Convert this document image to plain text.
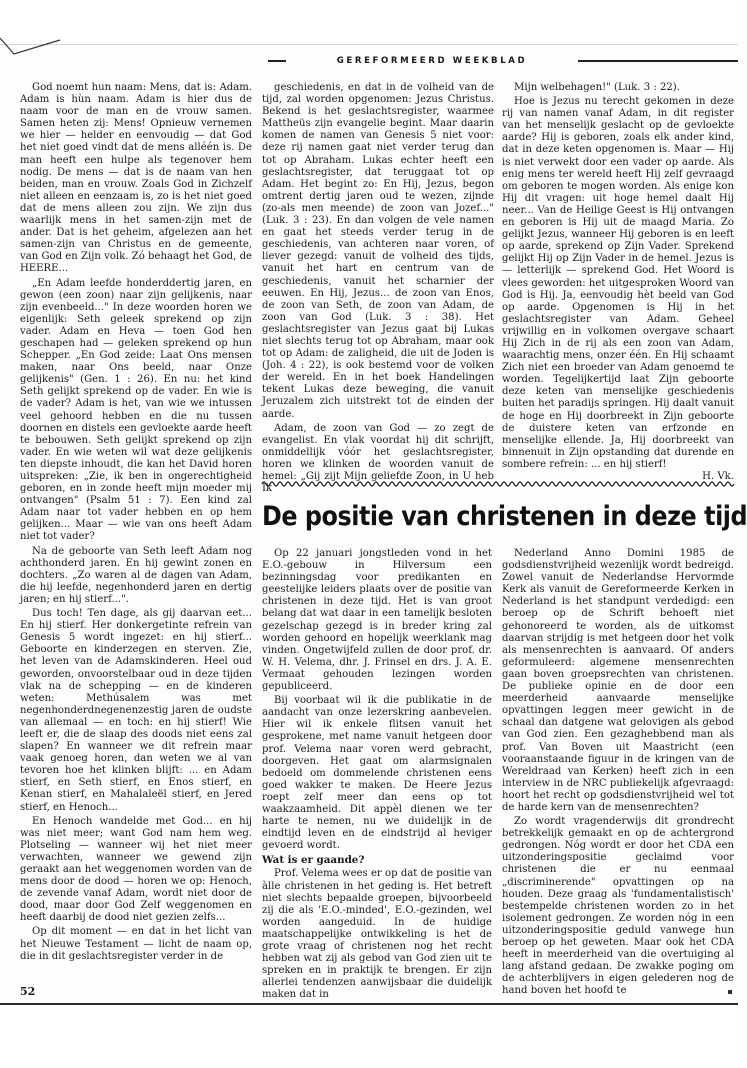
GEREFORMEERD WEEKBLAD

God noemt hun naam: Mens, dat is: Adam. Adam is hùn naam. Adam is hier dus de naam voor de man en de vrouw samen. Samen heten zij: Mens! Opnieuw vernemen we hier — helder en eenvoudig — dat God het niet goed vindt dat de mens alléén is. De man heeft een hulpe als tegenover hem nodig. De mens — dat is de naam van hen beiden, man en vrouw. Zoals God in Zichzelf niet alleen en eenzaam is, zo is het niet goed dat de mens alleen zou zijn. We zijn dus waarlijk mens in het samen-zijn met de ander. Dat is het geheim, afgelezen aan het samen-zijn van Christus en de gemeente, van God en Zijn volk. Zó behaagt het God, de HEERE...

„En Adam leefde honderddertig jaren, en gewon (een zoon) naar zijn gelijkenis, naar zijn evenbeeld..." In deze woorden horen we eigenlijk: Seth geleek sprekend op zijn vader. Adam en Heva — toen God hen geschapen had — geleken sprekend op hun Schepper. „En God zeide: Laat Ons mensen maken, naar Ons beeld, naar Onze gelijkenis" (Gen. 1 : 26). En nu: het kind Seth gelijkt sprekend op de vader. En wie is de vader? Adam is het, van wie we intussen veel gehoord hebben en die nu tussen doornen en distels een gevloekte aarde heeft te bebouwen. Seth gelijkt sprekend op zijn vader. En wie weten wil wat deze gelijkenis ten diepste inhoudt, die kan het David horen uitspreken: „Zie, ik ben in ongerechtigheid geboren, en in zonde heeft mijn moeder mij ontvangen" (Psalm 51 : 7). Een kind zal Adam naar tot vader hebben en op hem gelijken... Maar — wie van ons heeft Adam niet tot vader?

Na de geboorte van Seth leeft Adam nog achthonderd jaren. En hij gewint zonen en dochters. „Zo waren al de dagen van Adam, die hij leefde, negenhonderd jaren en dertig jaren; en hij stierf...".

Dus toch! Ten dage, als gij daarvan eet... En hij stierf. Her donkergetinte refrein van Genesis 5 wordt ingezet: en hij stierf... Geboorte en kinderzegen en sterven. Zie, het leven van de Adamskinderen. Heel oud geworden, onvoorstelbaar oud in deze tijden vlak na de schepping — en de kinderen weten: Methúsalem was met negenhonderdnegenenzestig jaren de oudste van allemaal — en toch: en hij stierf! Wie leeft er, die de slaap des doods niet eens zal slapen? En wanneer we dit refrein maar vaak genoeg horen, dan weten we al van tevoren hoe het klinken blijft: ... en Adam stierf, en Seth stierf, en Enos stierf, en Kenan stierf, en Mahalaleël stierf, en Jered stierf, en Henoch...

En Henoch wandelde met God... en hij was niet meer; want God nam hem weg. Plotseling — wanneer wij het niet meer verwachten, wanneer we gewend zijn geraakt aan het weggenomen worden van de mens door de dood — horen we op: Henoch, de zevende vanaf Adam, wordt niet door de dood, maar door God Zelf weggenomen en heeft daarbij de dood niet gezien zelfs...

Op dit moment — en dat in het licht van het Nieuwe Testament — licht de naam op, die in dit geslachtsregister verder in de

geschiedenis, en dat in de volheid van de tijd, zal worden opgenomen: Jezus Christus. Bekend is het geslachtsregister, waarmee Mattheüs zijn evangelie begint. Maar daarin komen de namen van Genesis 5 niet voor: deze rij namen gaat niet verder terug dan tot op Abraham. Lukas echter heeft een geslachtsregister, dat teruggaat tot op Adam. Het begint zo: En Hij, Jezus, begon omtrent dertig jaren oud te wezen, zijnde (zo-als men meende) de zoon van Jozef..." (Luk. 3 : 23). En dan volgen de vele namen en gaat het steeds verder terug in de geschiedenis, van achteren naar voren, of liever gezegd: vanuit de volheid des tijds, vanuit het hart en centrum van de geschiedenis, vanuit het scharnier der eeuwen. En Hij, Jezus... de zoon van Enos, de zoon van Seth, de zoon van Adam, de zoon van God (Luk. 3 : 38). Het geslachtsregister van Jezus gaat bij Lukas niet slechts terug tot op Abraham, maar ook tot op Adam: de zaligheid, die uit de Joden is (Joh. 4 : 22), is ook bestemd voor de volken der wereld. En in het boek Handelingen tekent Lukas deze beweging, die vanuit Jeruzalem zich uitstrekt tot de einden der aarde.

Adam, de zoon van God — zo zegt de evangelist. En vlak voordat hij dit schrijft, onmiddellijk vóór het geslachtsregister, horen we klinken de woorden vanuit de hemel: „Gij zijt Mijn geliefde Zoon, in U heb Ik

Mijn welbehagen!" (Luk. 3 : 22).

Hoe is Jezus nu terecht gekomen in deze rij van namen vanaf Adam, in dit register van het menselijk geslacht op de gevloekte aarde? Hij is geboren, zoals elk ander kind, dat in deze keten opgenomen is. Maar — Hij is niet verwekt door een vader op aarde. Als enig mens ter wereld heeft Hij zelf gevraagd om geboren te mogen worden. Als enige kon Hij dit vragen: uit hoge hemel daalt Hij neer... Van de Heilige Geest is Hij ontvangen en geboren is Hij uit de maagd Maria. Zo gelijkt Jezus, wanneer Hij geboren is en leeft op aarde, sprekend op Zijn Vader. Sprekend gelijkt Hij op Zijn Vader in de hemel. Jezus is — letterlijk — sprekend God. Het Woord is vlees geworden: het uitgesproken Woord van God is Hij. Ja, eenvoudig hèt beeld van God op aarde. Opgenomen is Hij in het geslachtsregister van Adam. Geheel vrijwillig en in volkomen overgave schaart Hij Zich in de rij als een zoon van Adam, waarachtig mens, onzer één. En Hij schaamt Zich niet een broeder van Adam genoemd te worden. Tegelijkertijd laat Zijn geboorte deze keten van menselijke geschiedenis buiten het paradijs springen. Hij daalt vanuit de hoge en Hij doorbreekt in Zijn geboorte de duistere keten van erfzonde en menselijke ellende. Ja, Hij doorbreekt van binnenuit in Zijn opstanding dat durende en sombere refrein: ... en hij stierf!

H. Vk.
De positie van christenen in deze tijd

Op 22 januari jongstleden vond in het E.O.-gebouw in Hilversum een bezinningsdag voor predikanten en geestelijke leiders plaats over de positie van christenen in deze tijd. Het is van groot belang dat wat daar in een tamelijk besloten gezelschap gezegd is in breder kring zal worden gehoord en hopelijk weerklank mag vinden. Ongetwijfeld zullen de door prof. dr. W. H. Velema, dhr. J. Frinsel en drs. J. A. E. Vermaat gehouden lezingen worden gepubliceerd.

Bij voorbaat wil ik die publikatie in de aandacht van onze lezerskring aanbevelen. Hier wil ik enkele flitsen vanuit het gesprokene, met name vanuit hetgeen door prof. Velema naar voren werd gebracht, doorgeven. Het gaat om alarmsignalen bedoeld om dommelende christenen eens goed wakker te maken. De Heere Jezus roept zelf meer dan eens op tot waakzaamheid. Dit appèl dienen we ter harte te nemen, nu we duidelijk in de eindtijd leven en de eindstrijd al heviger gevoerd wordt.

Wat is er gaande?

Prof. Velema wees er op dat de positie van àlle christenen in het geding is. Het betreft niet slechts bepaalde groepen, bijvoorbeeld zij die als 'E.O.-minded', E.O.-gezinden, wel worden aangeduid. In de huidige maatschappelijke ontwikkeling is het de grote vraag of christenen nog het recht hebben wat zij als gebod van God zien uit te spreken en in praktijk te brengen. Er zijn allerlei tendenzen aanwijsbaar die duidelijk maken dat in

Nederland Anno Domini 1985 de godsdienstvrijheid wezenlijk wordt bedreigd. Zowel vanuit de Nederlandse Hervormde Kerk als vanuit de Gereformeerde Kerken in Nederland is het standpunt verdedigd: een beroep op de Schrift behoeft niet gehonoreerd te worden, als de uitkomst daarvan strijdig is met hetgeen door het volk als mensenrechten is aanvaard. Of anders geformuleerd: algemene mensenrechten gaan boven groepsrechten van christenen. De publieke opinie en de door een meerderheid aanvaarde menselijke opvattingen leggen meer gewicht in de schaal dan datgene wat gelovigen als gebod van God zien. Een gezaghebbend man als prof. Van Boven uit Maastricht (een vooraanstaande figuur in de kringen van de Wereldraad van Kerken) heeft zich in een interview in de NRC publiekelijk afgevraagd: hoort het recht op godsdienstvrijheid wel tot de harde kern van de mensenrechten?

Zo wordt vragenderwijs dit grondrecht betrekkelijk gemaakt en op de achtergrond gedrongen. Nóg wordt er door het CDA een uitzonderingspositie geclaimd voor christenen die er nu eenmaal „discriminerende" opvattingen op na houden. Deze graag als 'fundamentalistisch' bestempelde christenen worden zo in het isolement gedrongen. Ze worden nóg in een uitzonderingspositie geduld vanwege hun beroep op het geweten. Maar ook het CDA heeft in meerderheid van die overtuiging al lang afstand gedaan. De zwakke poging om de achterblijvers in eigen gelederen nog de hand boven het hoofd te

52
